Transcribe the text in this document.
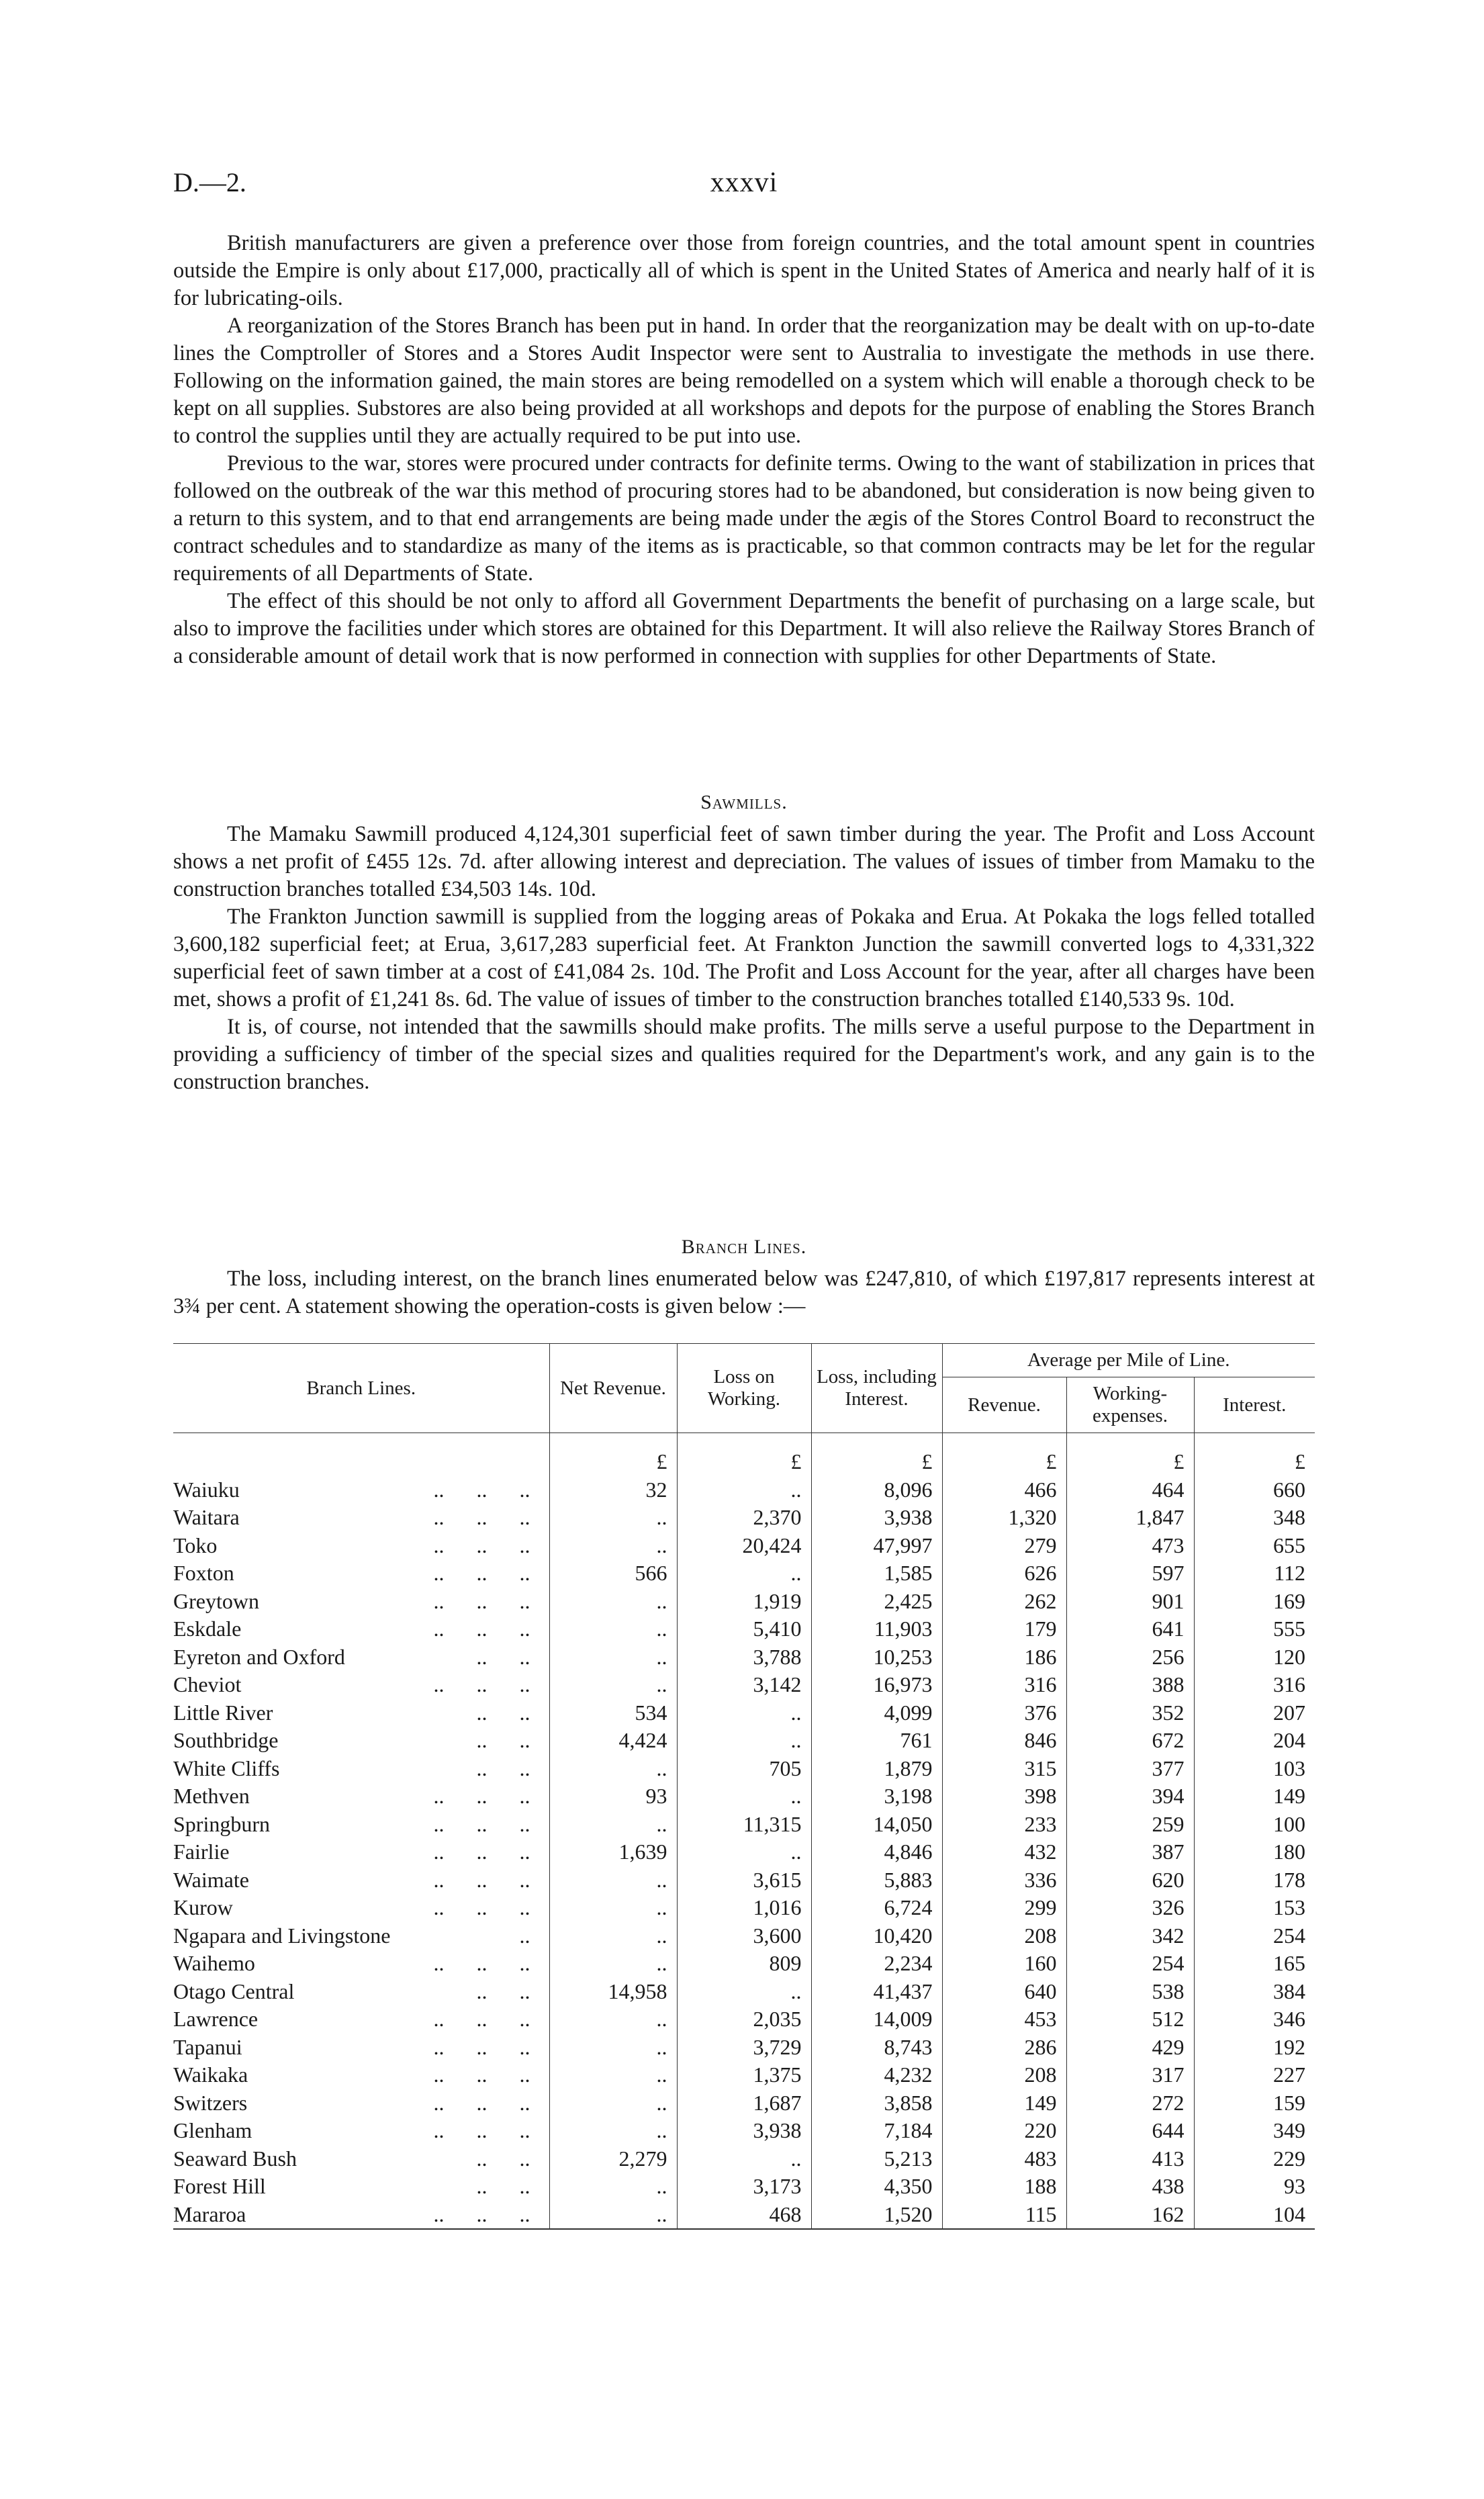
D.—2.	xxxvi

British manufacturers are given a preference over those from foreign countries, and the total amount spent in countries outside the Empire is only about £17,000, practically all of which is spent in the United States of America and nearly half of it is for lubricating-oils.

A reorganization of the Stores Branch has been put in hand. In order that the reorganization may be dealt with on up-to-date lines the Comptroller of Stores and a Stores Audit Inspector were sent to Australia to investigate the methods in use there. Following on the information gained, the main stores are being remodelled on a system which will enable a thorough check to be kept on all supplies. Substores are also being provided at all workshops and depots for the purpose of enabling the Stores Branch to control the supplies until they are actually required to be put into use.

Previous to the war, stores were procured under contracts for definite terms. Owing to the want of stabilization in prices that followed on the outbreak of the war this method of procuring stores had to be abandoned, but consideration is now being given to a return to this system, and to that end arrangements are being made under the ægis of the Stores Control Board to reconstruct the contract schedules and to standardize as many of the items as is practicable, so that common contracts may be let for the regular requirements of all Departments of State.

The effect of this should be not only to afford all Government Departments the benefit of purchasing on a large scale, but also to improve the facilities under which stores are obtained for this Department. It will also relieve the Railway Stores Branch of a considerable amount of detail work that is now performed in connection with supplies for other Departments of State.

Sawmills.

The Mamaku Sawmill produced 4,124,301 superficial feet of sawn timber during the year. The Profit and Loss Account shows a net profit of £455 12s. 7d. after allowing interest and depreciation. The values of issues of timber from Mamaku to the construction branches totalled £34,503 14s. 10d.

The Frankton Junction sawmill is supplied from the logging areas of Pokaka and Erua. At Pokaka the logs felled totalled 3,600,182 superficial feet; at Erua, 3,617,283 superficial feet. At Frankton Junction the sawmill converted logs to 4,331,322 superficial feet of sawn timber at a cost of £41,084 2s. 10d. The Profit and Loss Account for the year, after all charges have been met, shows a profit of £1,241 8s. 6d. The value of issues of timber to the construction branches totalled £140,533 9s. 10d.

It is, of course, not intended that the sawmills should make profits. The mills serve a useful purpose to the Department in providing a sufficiency of timber of the special sizes and qualities required for the Department's work, and any gain is to the construction branches.

Branch Lines.

The loss, including interest, on the branch lines enumerated below was £247,810, of which £197,817 represents interest at 3¾ per cent. A statement showing the operation-costs is given below :—

Branch Lines.	Net Revenue.	Loss on Working.	Loss, including Interest.	Average per Mile of Line.		
				Revenue.	Working-expenses.	Interest.
	£	£	£	£	£	£
Waiuku ..      ..      ..	32	..	8,096	466	464	660
Waitara ..      ..      ..	..	2,370	3,938	1,320	1,847	348
Toko ..      ..      ..	..	20,424	47,997	279	473	655
Foxton ..      ..      ..	566	..	1,585	626	597	112
Greytown ..      ..      ..	..	1,919	2,425	262	901	169
Eskdale ..      ..      ..	..	5,410	11,903	179	641	555
Eyreton and Oxford ..      ..	..	3,788	10,253	186	256	120
Cheviot ..      ..      ..	..	3,142	16,973	316	388	316
Little River ..      ..	534	..	4,099	376	352	207
Southbridge ..      ..	4,424	..	761	846	672	204
White Cliffs ..      ..	..	705	1,879	315	377	103
Methven ..      ..      ..	93	..	3,198	398	394	149
Springburn ..      ..      ..	..	11,315	14,050	233	259	100
Fairlie ..      ..      ..	1,639	..	4,846	432	387	180
Waimate ..      ..      ..	..	3,615	5,883	336	620	178
Kurow ..      ..      ..	..	1,016	6,724	299	326	153
Ngapara and Livingstone ..	..	3,600	10,420	208	342	254
Waihemo ..      ..      ..	..	809	2,234	160	254	165
Otago Central ..      ..	14,958	..	41,437	640	538	384
Lawrence ..      ..      ..	..	2,035	14,009	453	512	346
Tapanui ..      ..      ..	..	3,729	8,743	286	429	192
Waikaka ..      ..      ..	..	1,375	4,232	208	317	227
Switzers ..      ..      ..	..	1,687	3,858	149	272	159
Glenham ..      ..      ..	..	3,938	7,184	220	644	349
Seaward Bush ..      ..	2,279	..	5,213	483	413	229
Forest Hill ..      ..	..	3,173	4,350	188	438	93
Mararoa ..      ..      ..	..	468	1,520	115	162	104
